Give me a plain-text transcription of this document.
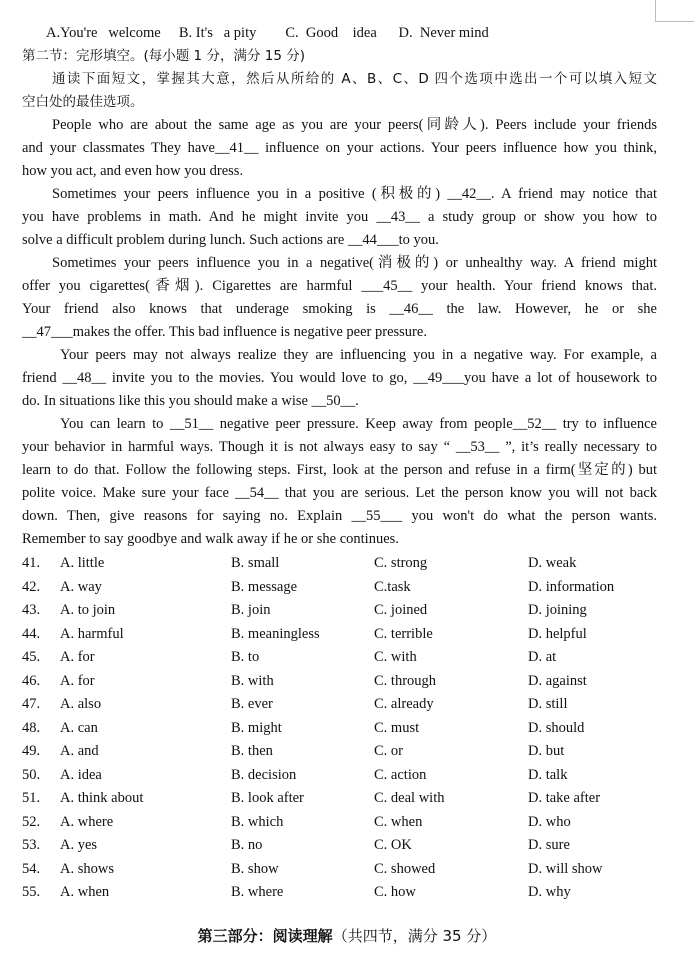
A.You're   welcome     B. It's   a pity        C.  Good    idea      D.  Never mind
第二节：完形填空。(每小题 1 分，满分 15 分)
通读下面短文，掌握其大意，然后从所给的 A、B、C、D 四个选项中选出一个可以填入短文
空白处的最佳选项。
People who are about the same age as you are your peers(同龄人). Peers include your friends
and your classmates They have__41__ influence on your actions. Your peers influence how you think,
how you act, and even how you dress.
Sometimes your peers influence you in a positive (积极的) __42__. A friend may notice that
you have problems in math. And he might invite you __43__ a study group or show you how to
solve a difficult problem during lunch. Such actions are __44___to you.
Sometimes your peers influence you in a negative(消极的) or unhealthy way. A friend might
offer you cigarettes(香烟). Cigarettes are harmful ___45__ your health. Your friend knows that.
Your friend also knows that underage smoking is __46__ the law. However, he or she
__47___makes the offer. This bad influence is negative peer pressure.
Your peers may not always realize they are influencing you in a negative way. For example, a
friend __48__ invite you to the movies. You would love to go, __49___you have a lot of housework to
do. In situations like this you should make a wise __50__.
You can learn to __51__ negative peer pressure. Keep away from people__52__ try to influence
your behavior in harmful ways. Though it is not always easy to say “ __53__ ”, it’s really necessary to
learn to do that. Follow the following steps. First, look at the person and refuse in a firm(坚定的) but
polite voice. Make sure your face __54__ that you are serious. Let the person know you will not back
down. Then, give reasons for saying no. Explain __55___ you won't do what the person wants.
Remember to say goodbye and walk away if he or she continues.
41. A. little	B. small	C. strong	D. weak
42. A. way	B. message	C.task	D. information
43. A. to join	B. join	C. joined	D. joining
44. A. harmful	B. meaningless	C. terrible	D. helpful
45. A. for	B. to	C. with	D. at
46. A. for	B. with	C. through	D. against
47. A. also	B. ever	C. already	D. still
48. A. can	B. might	C. must	D. should
49. A. and	B. then	C. or	D. but
50. A. idea	B. decision	C. action	D. talk
51. A. think about	B. look after	C. deal with	D. take after
52. A. where	B. which	C. when	D. who
53. A. yes	B. no	C. OK	D. sure
54. A. shows	B. show	C. showed	D. will show
55. A. when	B. where	C. how	D. why
第三部分：阅读理解（共四节，满分 35 分）
